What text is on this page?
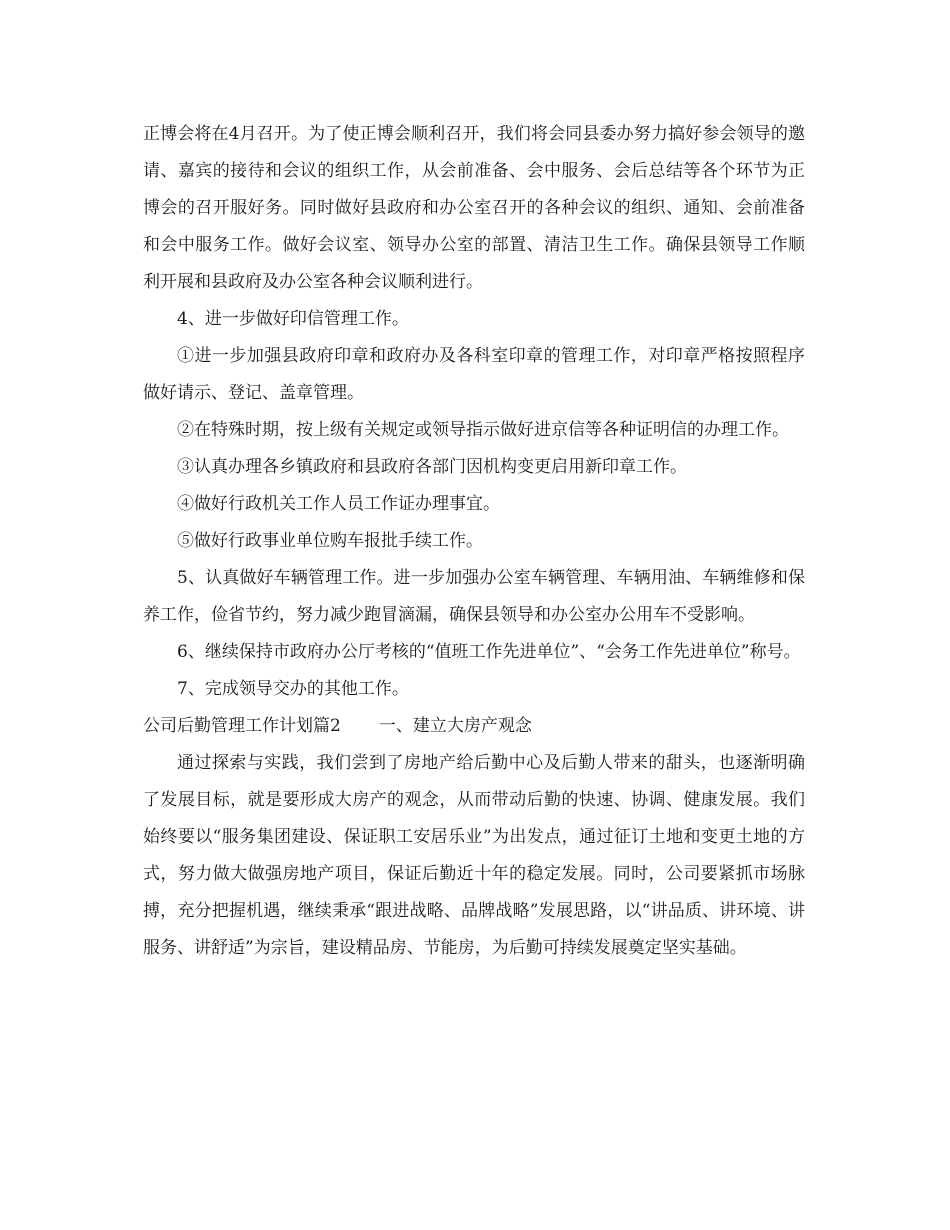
正博会将在4月召开。为了使正博会顺利召开，我们将会同县委办努力搞好参会领导的邀请、嘉宾的接待和会议的组织工作，从会前准备、会中服务、会后总结等各个环节为正博会的召开服好务。同时做好县政府和办公室召开的各种会议的组织、通知、会前准备和会中服务工作。做好会议室、领导办公室的部置、清洁卫生工作。确保县领导工作顺利开展和县政府及办公室各种会议顺利进行。

4、进一步做好印信管理工作。

①进一步加强县政府印章和政府办及各科室印章的管理工作，对印章严格按照程序做好请示、登记、盖章管理。

②在特殊时期，按上级有关规定或领导指示做好进京信等各种证明信的办理工作。

③认真办理各乡镇政府和县政府各部门因机构变更启用新印章工作。

④做好行政机关工作人员工作证办理事宜。

⑤做好行政事业单位购车报批手续工作。

5、认真做好车辆管理工作。进一步加强办公室车辆管理、车辆用油、车辆维修和保养工作，俭省节约，努力减少跑冒滴漏，确保县领导和办公室办公用车不受影响。

6、继续保持市政府办公厅考核的“值班工作先进单位”、“会务工作先进单位”称号。

7、完成领导交办的其他工作。

公司后勤管理工作计划篇2 一、建立大房产观念

通过探索与实践，我们尝到了房地产给后勤中心及后勤人带来的甜头，也逐渐明确了发展目标，就是要形成大房产的观念，从而带动后勤的快速、协调、健康发展。我们始终要以“服务集团建设、保证职工安居乐业”为出发点，通过征订土地和变更土地的方式，努力做大做强房地产项目，保证后勤近十年的稳定发展。同时，公司要紧抓市场脉搏，充分把握机遇，继续秉承“跟进战略、品牌战略”发展思路，以“讲品质、讲环境、讲服务、讲舒适”为宗旨，建设精品房、节能房，为后勤可持续发展奠定坚实基础。
